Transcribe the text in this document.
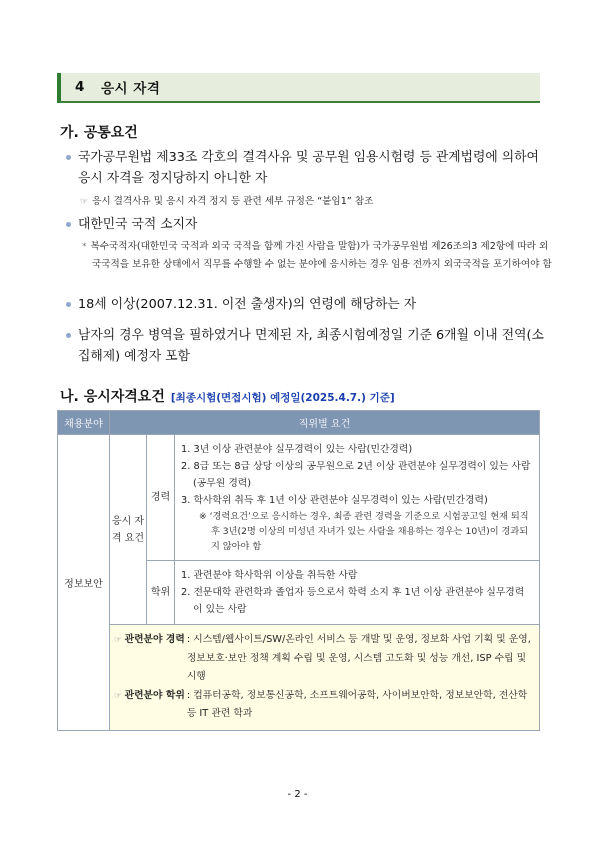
4	응시 자격
가. 공통요건
국가공무원법 제33조 각호의 결격사유 및 공무원 임용시험령 등 관계법령에 의하여 응시 자격을 정지당하지 아니한 자
☞ 응시 결격사유 및 응시 자격 정지 등 관련 세부 규정은 “붙임1” 참조
대한민국 국적 소지자
* 복수국적자(대한민국 국적과 외국 국적을 함께 가진 사람을 말함)가 국가공무원법 제26조의3 제2항에 따라 외국국적을 보유한 상태에서 직무를 수행할 수 없는 분야에 응시하는 경우 임용 전까지 외국국적을 포기하여야 함
18세 이상(2007.12.31. 이전 출생자)의 연령에 해당하는 자
남자의 경우 병역을 필하였거나 면제된 자, 최종시험예정일 기준 6개월 이내 전역(소집해제) 예정자 포함
나. 응시자격요건 [최종시험(면접시험) 예정일(2025.4.7.) 기준]
채용분야	직위별 요건		
정보보안	응시 자격 요건	경력	1. 3년 이상 관련분야 실무경력이 있는 사람(민간경력)
2. 8급 또는 8급 상당 이상의 공무원으로 2년 이상 관련분야 실무경력이 있는 사람(공무원 경력)
3. 학사학위 취득 후 1년 이상 관련분야 실무경력이 있는 사람(민간경력)
※ ‘경력요건’으로 응시하는 경우, 최종 관련 경력을 기준으로 시험공고일 현재 퇴직 후 3년(2명 이상의 미성년 자녀가 있는 사람을 채용하는 경우는 10년)이 경과되지 않아야 함

		학위	1. 관련분야 학사학위 이상을 취득한 사람
2. 전문대학 관련학과 졸업자 등으로서 학력 소지 후 1년 이상 관련분야 실무경력이 있는 사람

	☞ 관련분야 경력 : 시스템/웹사이트/SW/온라인 서비스 등 개발 및 운영, 정보화 사업 기획 및 운영, 정보보호·보안 정책 계획 수립 및 운영, 시스템 고도화 및 성능 개선, ISP 수립 및 시행
☞ 관련분야 학위 : 컴퓨터공학, 정보통신공학, 소프트웨어공학, 사이버보안학, 정보보안학, 전산학 등 IT 관련 학과		
- 2 -
